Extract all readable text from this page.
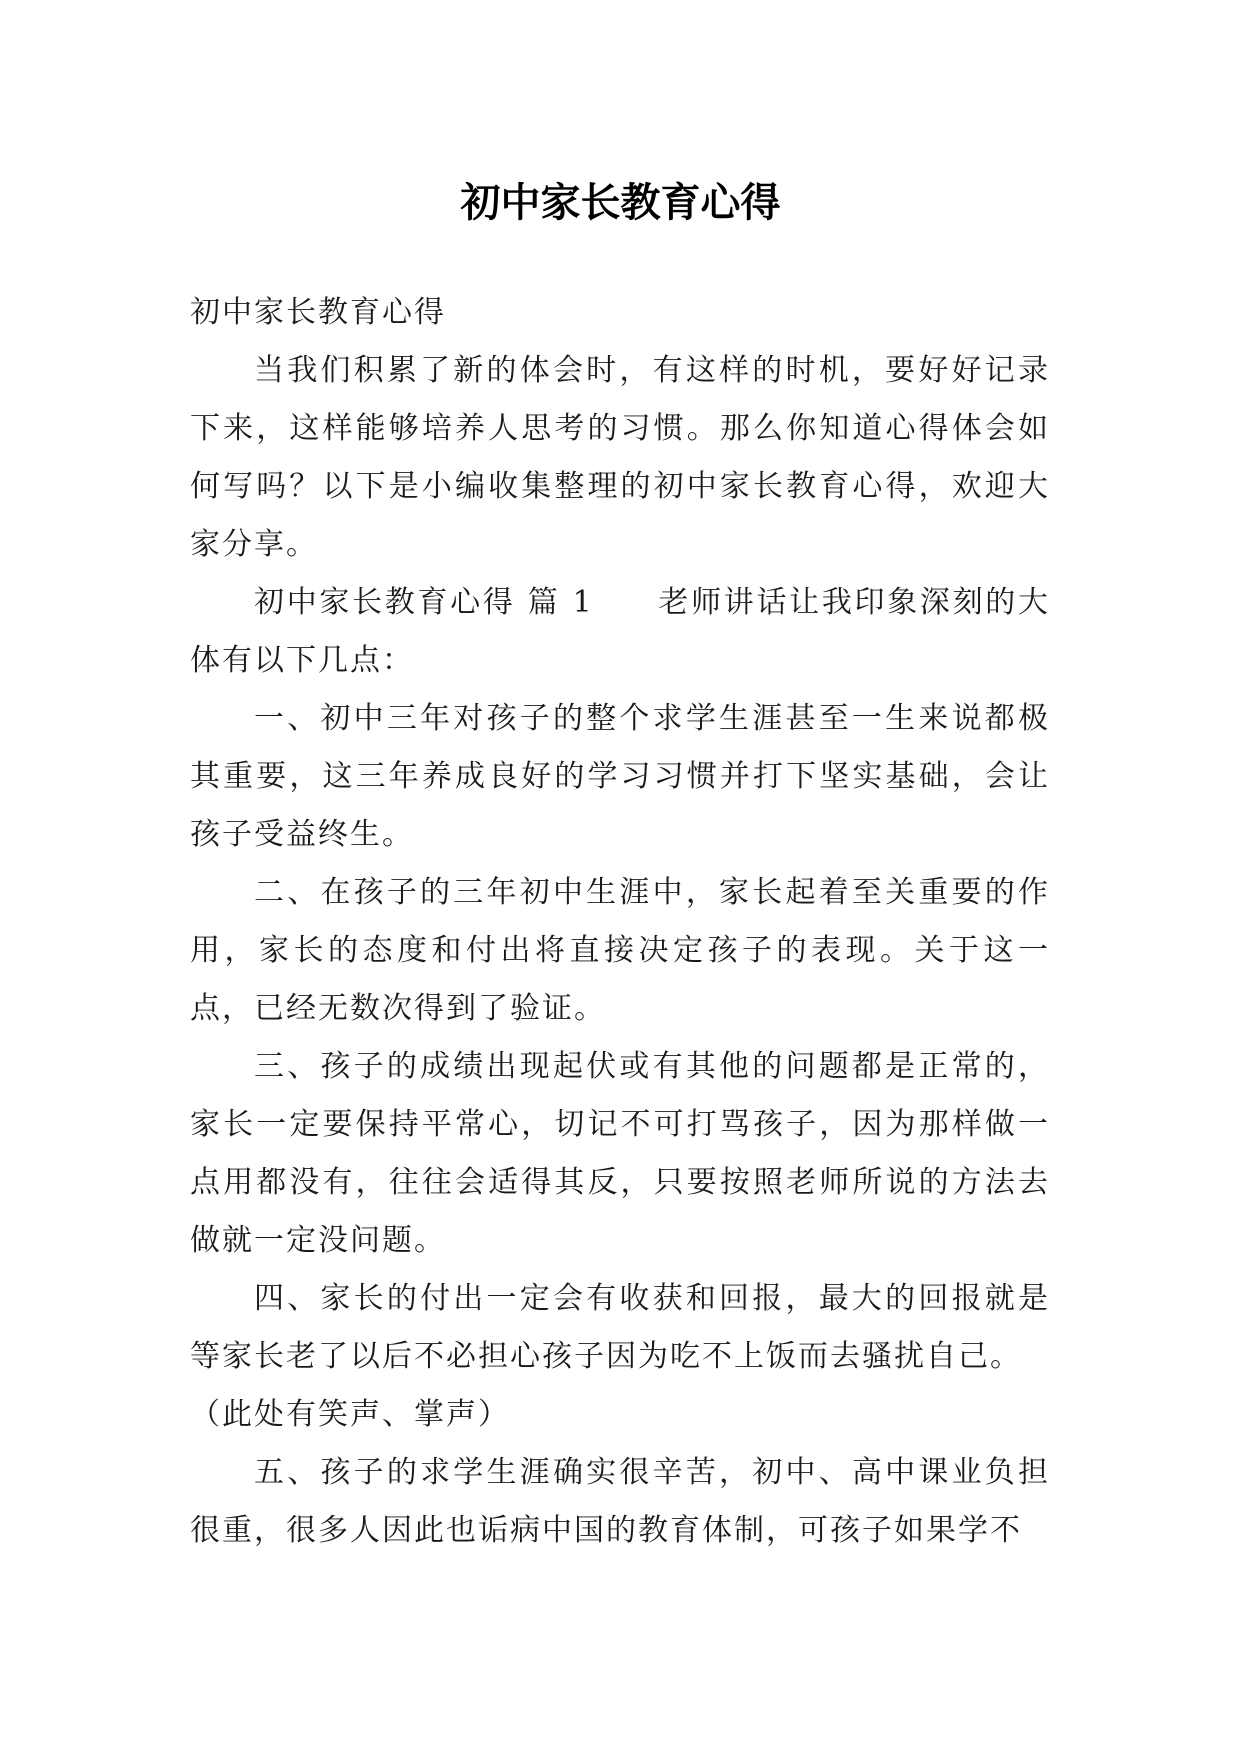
初中家长教育心得

初中家长教育心得

当我们积累了新的体会时，有这样的时机，要好好记录下来，这样能够培养人思考的习惯。那么你知道心得体会如何写吗？以下是小编收集整理的初中家长教育心得，欢迎大家分享。

初中家长教育心得 篇 1 老师讲话让我印象深刻的大体有以下几点：

一、初中三年对孩子的整个求学生涯甚至一生来说都极其重要，这三年养成良好的学习习惯并打下坚实基础，会让孩子受益终生。

二、在孩子的三年初中生涯中，家长起着至关重要的作用，家长的态度和付出将直接决定孩子的表现。关于这一点，已经无数次得到了验证。

三、孩子的成绩出现起伏或有其他的问题都是正常的，家长一定要保持平常心，切记不可打骂孩子，因为那样做一点用都没有，往往会适得其反，只要按照老师所说的方法去做就一定没问题。

四、家长的付出一定会有收获和回报，最大的回报就是等家长老了以后不必担心孩子因为吃不上饭而去骚扰自己。

（此处有笑声、掌声）

五、孩子的求学生涯确实很辛苦，初中、高中课业负担很重，很多人因此也诟病中国的教育体制，可孩子如果学不
